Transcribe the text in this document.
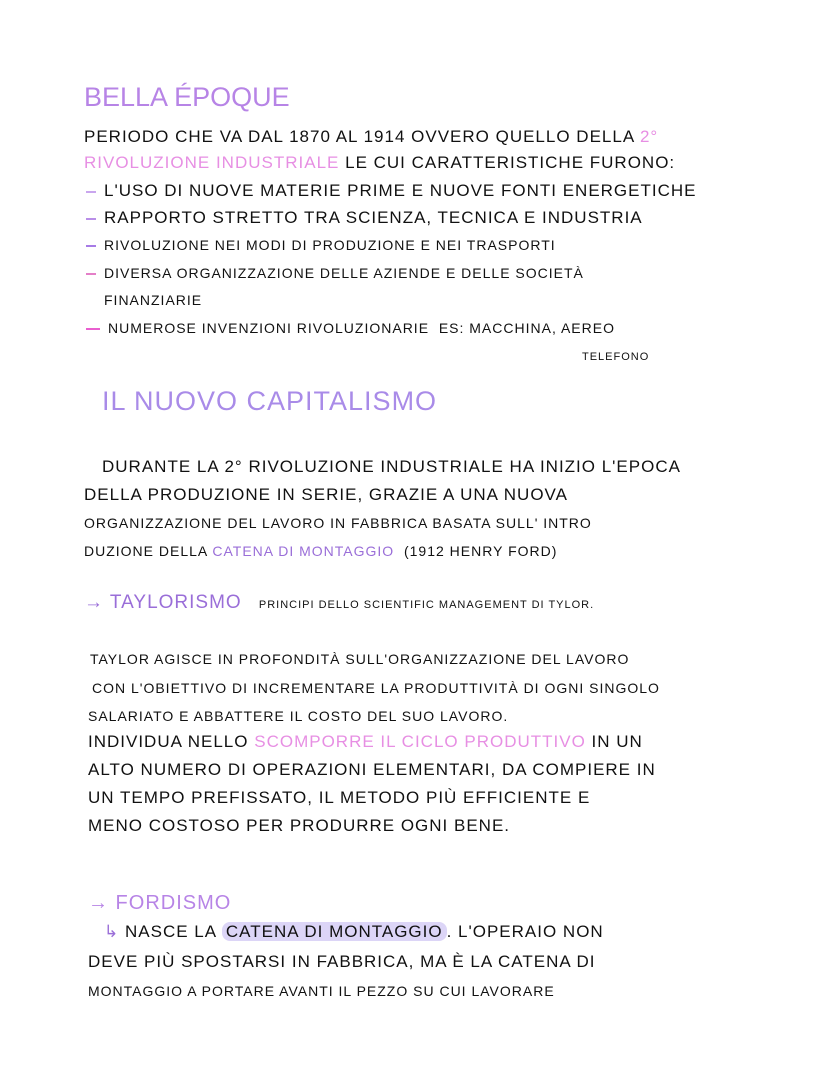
BELLA ÉPOQUE
PERIODO CHE VA DAL 1870 AL 1914 OVVERO QUELLO DELLA 2°
RIVOLUZIONE INDUSTRIALE LE CUI CARATTERISTICHE FURONO:
L'USO DI NUOVE MATERIE PRIME E NUOVE FONTI ENERGETICHE
RAPPORTO STRETTO TRA SCIENZA, TECNICA E INDUSTRIA
RIVOLUZIONE NEI MODI DI PRODUZIONE E NEI TRASPORTI
DIVERSA ORGANIZZAZIONE DELLE AZIENDE E DELLE SOCIETÀ
FINANZIARIE
NUMEROSE INVENZIONI RIVOLUZIONARIE  ES: MACCHINA, AEREO
TELEFONO
IL NUOVO CAPITALISMO
DURANTE LA 2° RIVOLUZIONE INDUSTRIALE HA INIZIO L'EPOCA
DELLA PRODUZIONE IN SERIE, GRAZIE A UNA NUOVA
ORGANIZZAZIONE DEL LAVORO IN FABBRICA BASATA SULL' INTRO
DUZIONE DELLA CATENA DI MONTAGGIO (1912 HENRY FORD)
→ TAYLORISMO PRINCIPI DELLO SCIENTIFIC MANAGEMENT DI TYLOR.
TAYLOR AGISCE IN PROFONDITÀ SULL'ORGANIZZAZIONE DEL LAVORO
CON L'OBIETTIVO DI INCREMENTARE LA PRODUTTIVITÀ DI OGNI SINGOLO
SALARIATO E ABBATTERE IL COSTO DEL SUO LAVORO.
INDIVIDUA NELLO SCOMPORRE IL CICLO PRODUTTIVO IN UN
ALTO NUMERO DI OPERAZIONI ELEMENTARI, DA COMPIERE IN
UN TEMPO PREFISSATO, IL METODO PIÙ EFFICIENTE E
MENO COSTOSO PER PRODURRE OGNI BENE.
→ FORDISMO
↳ NASCE LA CATENA DI MONTAGGIO . L'OPERAIO NON
DEVE PIÙ SPOSTARSI IN FABBRICA, MA È LA CATENA DI
MONTAGGIO A PORTARE AVANTI IL PEZZO SU CUI LAVORARE
